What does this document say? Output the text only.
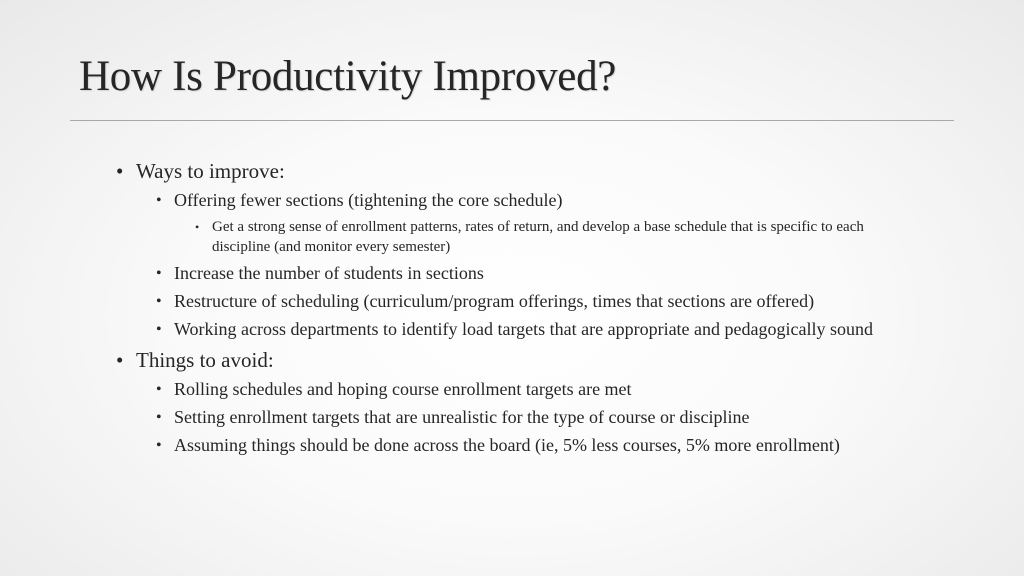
How Is Productivity Improved?
• Ways to improve:
• Offering fewer sections (tightening the core schedule)
• Get a strong sense of enrollment patterns, rates of return, and develop a base schedule that is specific to each discipline (and monitor every semester)
• Increase the number of students in sections
• Restructure of scheduling (curriculum/program offerings, times that sections are offered)
• Working across departments to identify load targets that are appropriate and pedagogically sound
• Things to avoid:
• Rolling schedules and hoping course enrollment targets are met
• Setting enrollment targets that are unrealistic for the type of course or discipline
• Assuming things should be done across the board (ie, 5% less courses, 5% more enrollment)
